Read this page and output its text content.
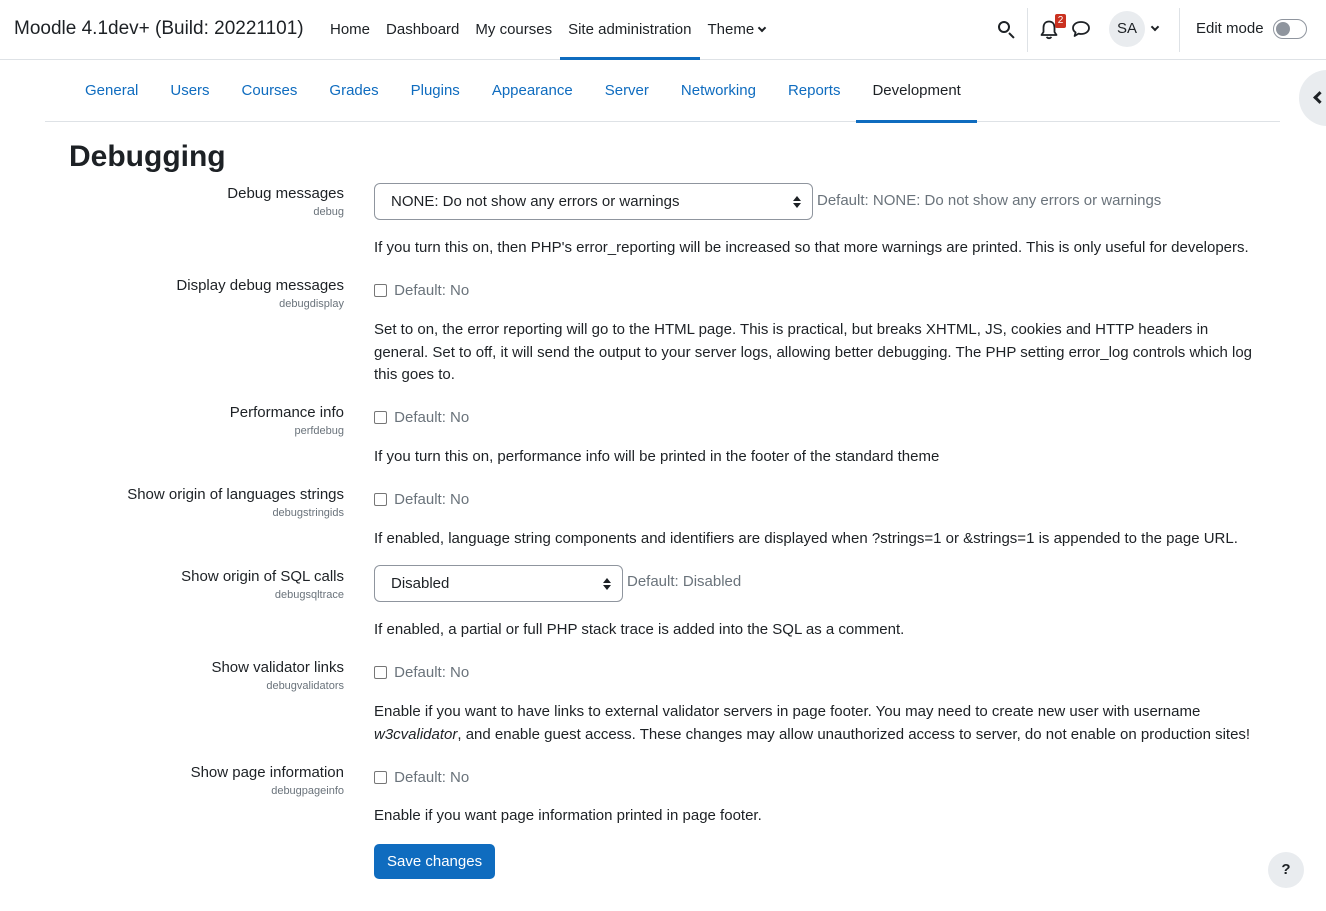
Moodle 4.1dev+ (Build: 20221101)	Home	Dashboard	My courses	Site administration	Theme
2	SA	Edit mode
General	Users	Courses	Grades	Plugins	Appearance	Server	Networking	Reports	Development
Debugging
Debug messages
debug
NONE: Do not show any errors or warnings	Default: NONE: Do not show any errors or warnings
If you turn this on, then PHP's error_reporting will be increased so that more warnings are printed. This is only useful for developers.
Display debug messages
debugdisplay
Default: No
Set to on, the error reporting will go to the HTML page. This is practical, but breaks XHTML, JS, cookies and HTTP headers in general. Set to off, it will send the output to your server logs, allowing better debugging. The PHP setting error_log controls which log this goes to.
Performance info
perfdebug
Default: No
If you turn this on, performance info will be printed in the footer of the standard theme
Show origin of languages strings
debugstringids
Default: No
If enabled, language string components and identifiers are displayed when ?strings=1 or &strings=1 is appended to the page URL.
Show origin of SQL calls
debugsqltrace
Disabled	Default: Disabled
If enabled, a partial or full PHP stack trace is added into the SQL as a comment.
Show validator links
debugvalidators
Default: No
Enable if you want to have links to external validator servers in page footer. You may need to create new user with username w3cvalidator, and enable guest access. These changes may allow unauthorized access to server, do not enable on production sites!
Show page information
debugpageinfo
Default: No
Enable if you want page information printed in page footer.
Save changes	?
